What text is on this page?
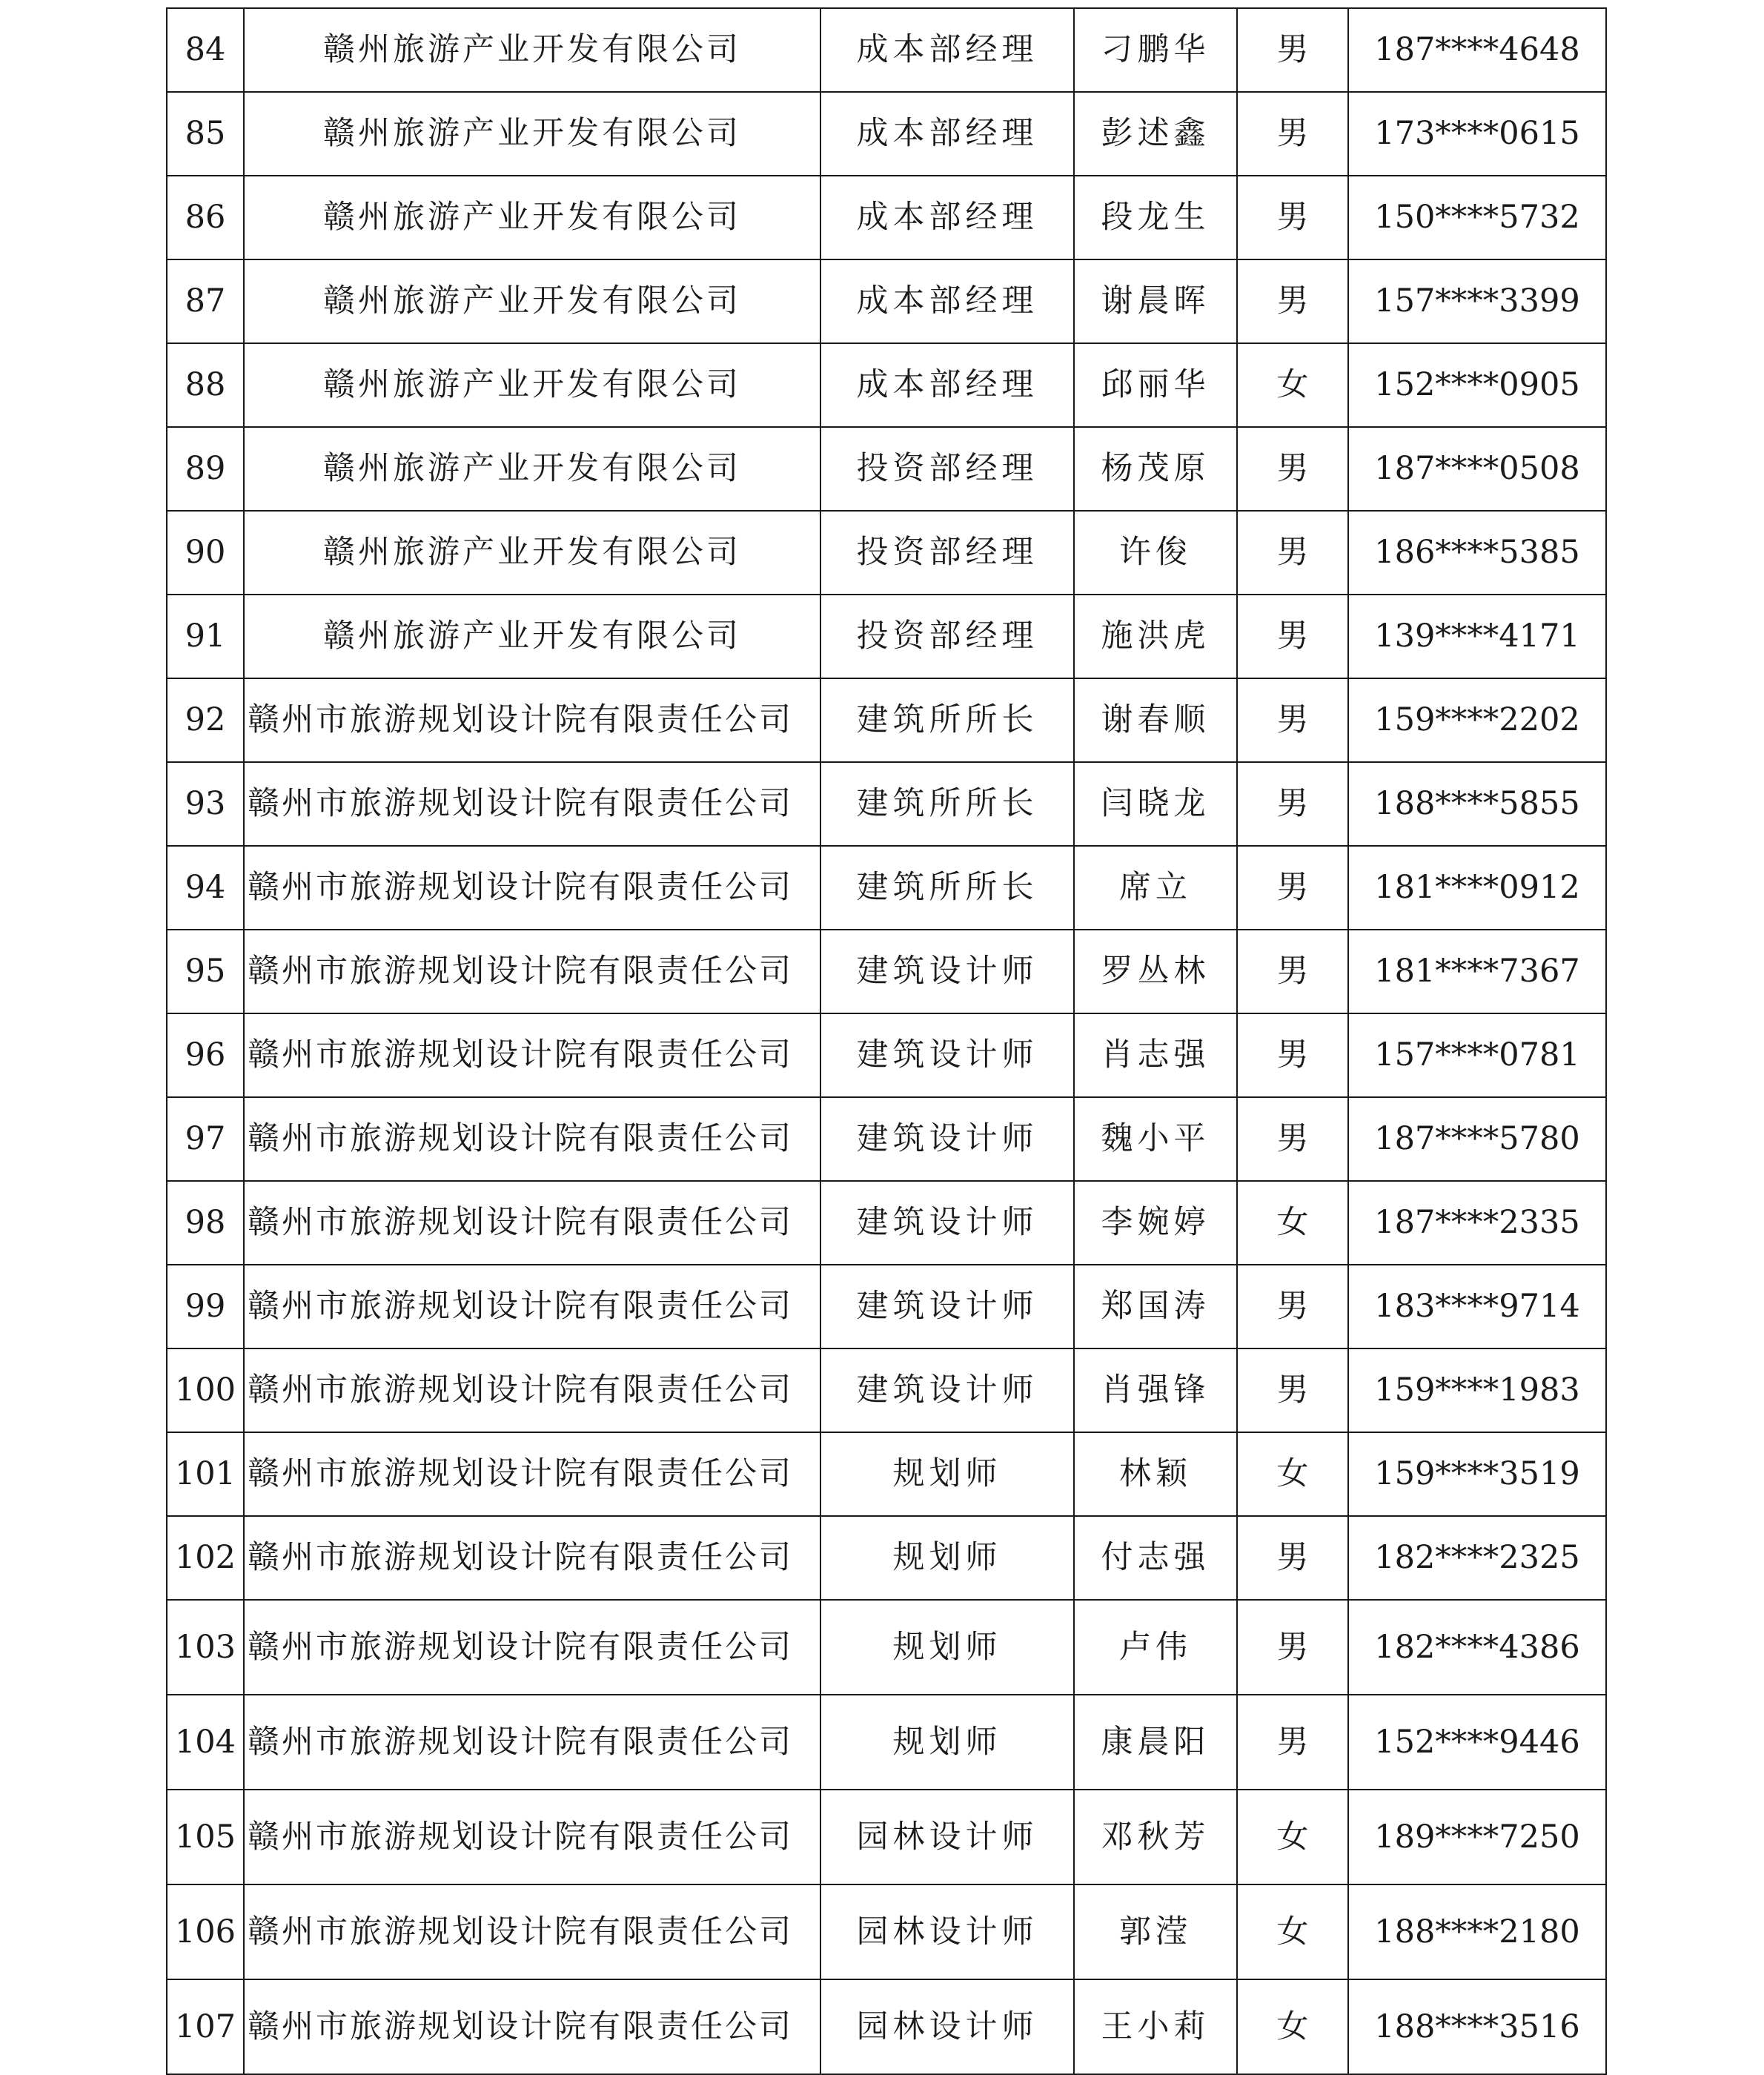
84	赣州旅游产业开发有限公司	成本部经理	刁鹏华	男	187****4648
85	赣州旅游产业开发有限公司	成本部经理	彭述鑫	男	173****0615
86	赣州旅游产业开发有限公司	成本部经理	段龙生	男	150****5732
87	赣州旅游产业开发有限公司	成本部经理	谢晨晖	男	157****3399
88	赣州旅游产业开发有限公司	成本部经理	邱丽华	女	152****0905
89	赣州旅游产业开发有限公司	投资部经理	杨茂原	男	187****0508
90	赣州旅游产业开发有限公司	投资部经理	许俊	男	186****5385
91	赣州旅游产业开发有限公司	投资部经理	施洪虎	男	139****4171
92	赣州市旅游规划设计院有限责任公司	建筑所所长	谢春顺	男	159****2202
93	赣州市旅游规划设计院有限责任公司	建筑所所长	闫晓龙	男	188****5855
94	赣州市旅游规划设计院有限责任公司	建筑所所长	席立	男	181****0912
95	赣州市旅游规划设计院有限责任公司	建筑设计师	罗丛林	男	181****7367
96	赣州市旅游规划设计院有限责任公司	建筑设计师	肖志强	男	157****0781
97	赣州市旅游规划设计院有限责任公司	建筑设计师	魏小平	男	187****5780
98	赣州市旅游规划设计院有限责任公司	建筑设计师	李婉婷	女	187****2335
99	赣州市旅游规划设计院有限责任公司	建筑设计师	郑国涛	男	183****9714
100	赣州市旅游规划设计院有限责任公司	建筑设计师	肖强锋	男	159****1983
101	赣州市旅游规划设计院有限责任公司	规划师	林颖	女	159****3519
102	赣州市旅游规划设计院有限责任公司	规划师	付志强	男	182****2325
103	赣州市旅游规划设计院有限责任公司	规划师	卢伟	男	182****4386
104	赣州市旅游规划设计院有限责任公司	规划师	康晨阳	男	152****9446
105	赣州市旅游规划设计院有限责任公司	园林设计师	邓秋芳	女	189****7250
106	赣州市旅游规划设计院有限责任公司	园林设计师	郭滢	女	188****2180
107	赣州市旅游规划设计院有限责任公司	园林设计师	王小莉	女	188****3516
